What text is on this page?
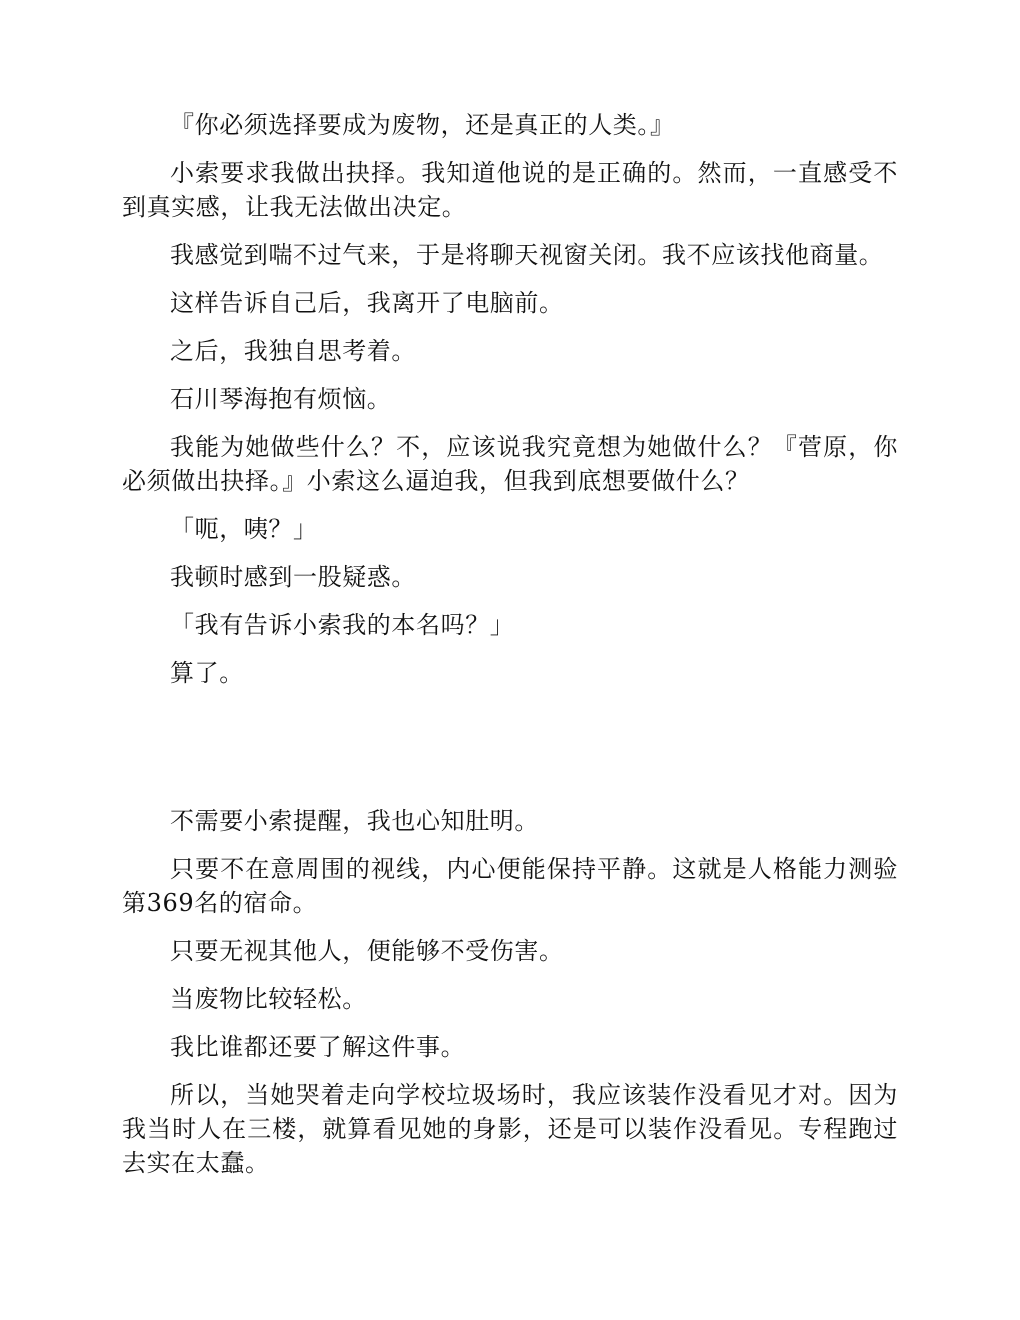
『你必须选择要成为废物，还是真正的人类。』

小索要求我做出抉择。我知道他说的是正确的。然而，一直感受不到真实感，让我无法做出决定。

我感觉到喘不过气来，于是将聊天视窗关闭。我不应该找他商量。

这样告诉自己后，我离开了电脑前。

之后，我独自思考着。

石川琴海抱有烦恼。

我能为她做些什么？不，应该说我究竟想为她做什么？『菅原，你必须做出抉择。』小索这么逼迫我，但我到底想要做什么？

「呃，咦？」

我顿时感到一股疑惑。

「我有告诉小索我的本名吗？」

算了。

不需要小索提醒，我也心知肚明。

只要不在意周围的视线，内心便能保持平静。这就是人格能力测验第369名的宿命。

只要无视其他人，便能够不受伤害。

当废物比较轻松。

我比谁都还要了解这件事。

所以，当她哭着走向学校垃圾场时，我应该装作没看见才对。因为我当时人在三楼，就算看见她的身影，还是可以装作没看见。专程跑过去实在太蠢。
